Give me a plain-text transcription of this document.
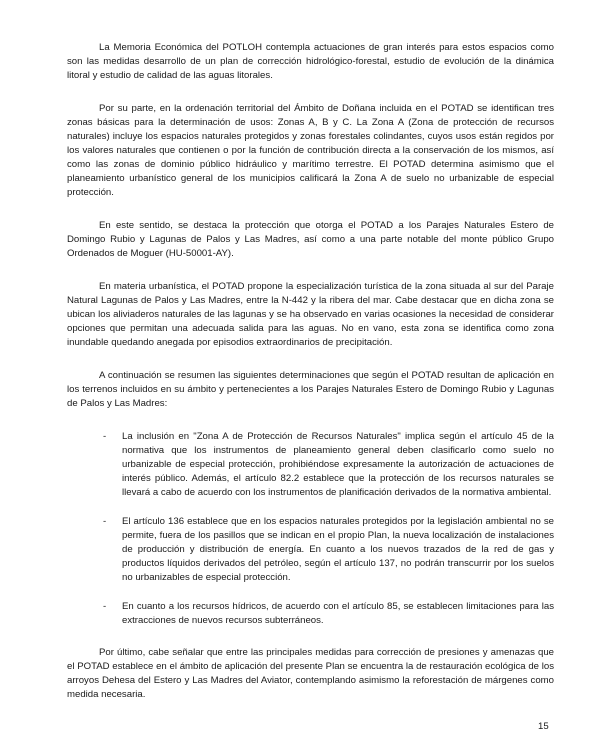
La Memoria Económica del POTLOH contempla actuaciones de gran interés para estos espacios como son las medidas desarrollo de un plan de corrección hidrológico-forestal, estudio de evolución de la dinámica litoral y estudio de calidad de las aguas litorales.

Por su parte, en la ordenación territorial del Ámbito de Doñana incluida en el POTAD se identifican tres zonas básicas para la determinación de usos: Zonas A, B y C. La Zona A (Zona de protección de recursos naturales) incluye los espacios naturales protegidos y zonas forestales colindantes, cuyos usos están regidos por los valores naturales que contienen o por la función de contribución directa a la conservación de los mismos, así como las zonas de dominio público hidráulico y marítimo terrestre. El POTAD determina asimismo que el planeamiento urbanístico general de los municipios calificará la Zona A de suelo no urbanizable de especial protección.

En este sentido, se destaca la protección que otorga el POTAD a los Parajes Naturales Estero de Domingo Rubio y Lagunas de Palos y Las Madres, así como a una parte notable del monte público Grupo Ordenados de Moguer (HU-50001-AY).

En materia urbanística, el POTAD propone la especialización turística de la zona situada al sur del Paraje Natural Lagunas de Palos y Las Madres, entre la N-442 y la ribera del mar. Cabe destacar que en dicha zona se ubican los aliviaderos naturales de las lagunas y se ha observado en varias ocasiones la necesidad de considerar opciones que permitan una adecuada salida para las aguas. No en vano, esta zona se identifica como zona inundable quedando anegada por episodios extraordinarios de precipitación.

A continuación se resumen las siguientes determinaciones que según el POTAD resultan de aplicación en los terrenos incluidos en su ámbito y pertenecientes a los Parajes Naturales Estero de Domingo Rubio y Lagunas de Palos y Las Madres:

- La inclusión en "Zona A de Protección de Recursos Naturales" implica según el artículo 45 de la normativa que los instrumentos de planeamiento general deben clasificarlo como suelo no urbanizable de especial protección, prohibiéndose expresamente la autorización de actuaciones de interés público. Además, el artículo 82.2 establece que la protección de los recursos naturales se llevará a cabo de acuerdo con los instrumentos de planificación derivados de la normativa ambiental.
- El artículo 136 establece que en los espacios naturales protegidos por la legislación ambiental no se permite, fuera de los pasillos que se indican en el propio Plan, la nueva localización de instalaciones de producción y distribución de energía. En cuanto a los nuevos trazados de la red de gas y productos líquidos derivados del petróleo, según el artículo 137, no podrán transcurrir por los suelos no urbanizables de especial protección.
- En cuanto a los recursos hídricos, de acuerdo con el artículo 85, se establecen limitaciones para las extracciones de nuevos recursos subterráneos.

Por último, cabe señalar que entre las principales medidas para corrección de presiones y amenazas que el POTAD establece en el ámbito de aplicación del presente Plan se encuentra la de restauración ecológica de los arroyos Dehesa del Estero y Las Madres del Aviator, contemplando asimismo la reforestación de márgenes como medida necesaria.

15
